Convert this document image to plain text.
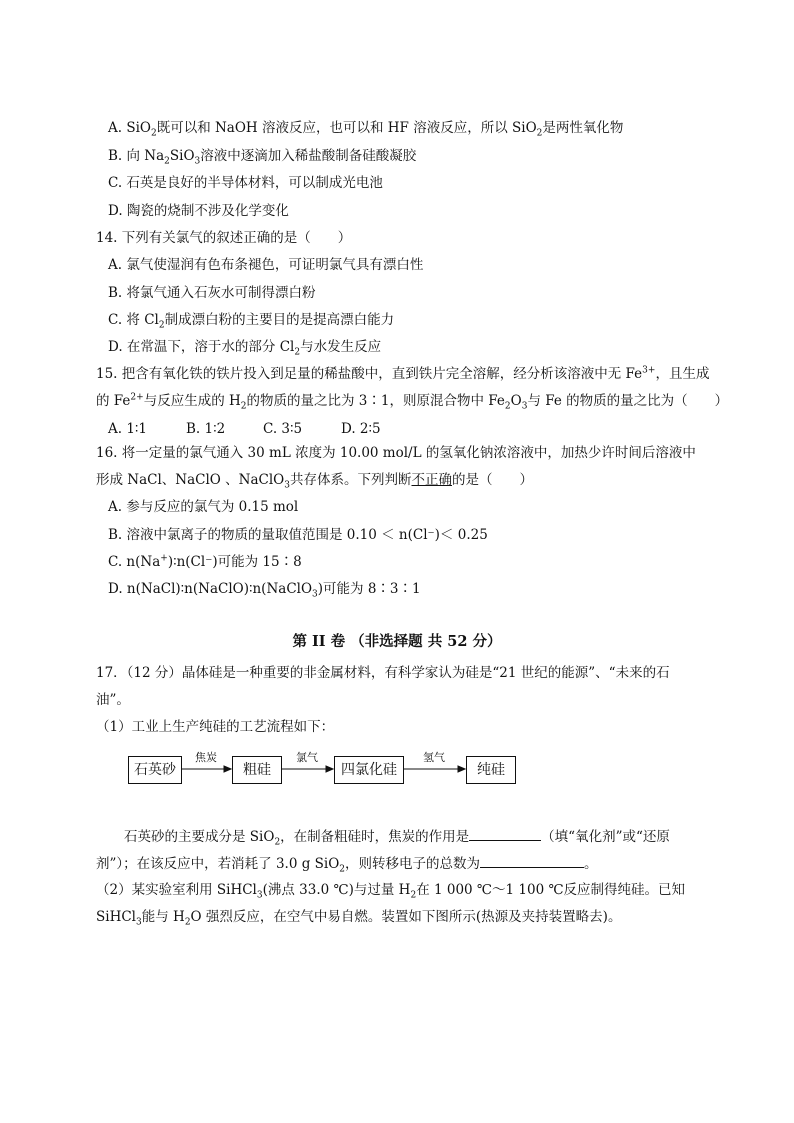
A. SiO$_2$既可以和 NaOH 溶液反应，也可以和 HF 溶液反应，所以 SiO$_2$是两性氧化物
B. 向 $Na_2SiO_3$溶液中逐滴加入稀盐酸制备硅酸凝胶
C. 石英是良好的半导体材料，可以制成光电池
D. 陶瓷的烧制不涉及化学变化
14. 下列有关氯气的叙述正确的是（　　）
A. 氯气使湿润有色布条褪色，可证明氯气具有漂白性
B. 将氯气通入石灰水可制得漂白粉
C. 将 $Cl_2$制成漂白粉的主要目的是提高漂白能力
D. 在常温下，溶于水的部分 $Cl_2$与水发生反应
15. 把含有氧化铁的铁片投入到足量的稀盐酸中，直到铁片完全溶解，经分析该溶液中无 $Fe^{3+}$，且生成
的 $Fe^{2+}$与反应生成的 $H_2$的物质的量之比为 3∶1，则原混合物中 $Fe_2O_3$与 Fe 的物质的量之比为（　　）
A. 1∶1	B. 1∶2	C. 3∶5	D. 2∶5
16. 将一定量的氯气通入 30 mL 浓度为 10.00 mol/L 的氢氧化钠浓溶液中，加热少许时间后溶液中
形成 NaCl、NaClO 、NaClO$_3$共存体系。下列判断不正确的是（　　）
A. 参与反应的氯气为 0.15 mol
B. 溶液中氯离子的物质的量取值范围是 0.10 ＜ n(Cl⁻)＜ 0.25
C. n(Na+)∶n(Cl⁻)可能为 15∶8
D. n(NaCl)∶n(NaClO)∶n(NaClO$_3$)可能为 8∶3∶1
第 II 卷 （非选择题 共 52 分）
17．（12 分）晶体硅是一种重要的非金属材料，有科学家认为硅是“21 世纪的能源”、“未来的石
油”。
（1）工业上生产纯硅的工艺流程如下：
石英砂	粗硅	四氯化硅	纯硅
焦炭	氯气	氢气
石英砂的主要成分是 SiO$_2$，在制备粗硅时，焦炭的作用是	（填“氧化剂”或“还原
剂”）；在该反应中，若消耗了 3.0 g SiO$_2$，则转移电子的总数为	。
（2）某实验室利用 SiHCl$_3$(沸点 33.0 ℃)与过量 $H_2$在 1 000 ℃～1 100 ℃反应制得纯硅。已知
SiHCl$_3$能与 $H_2O$ 强烈反应，在空气中易自燃。装置如下图所示(热源及夹持装置略去)。
